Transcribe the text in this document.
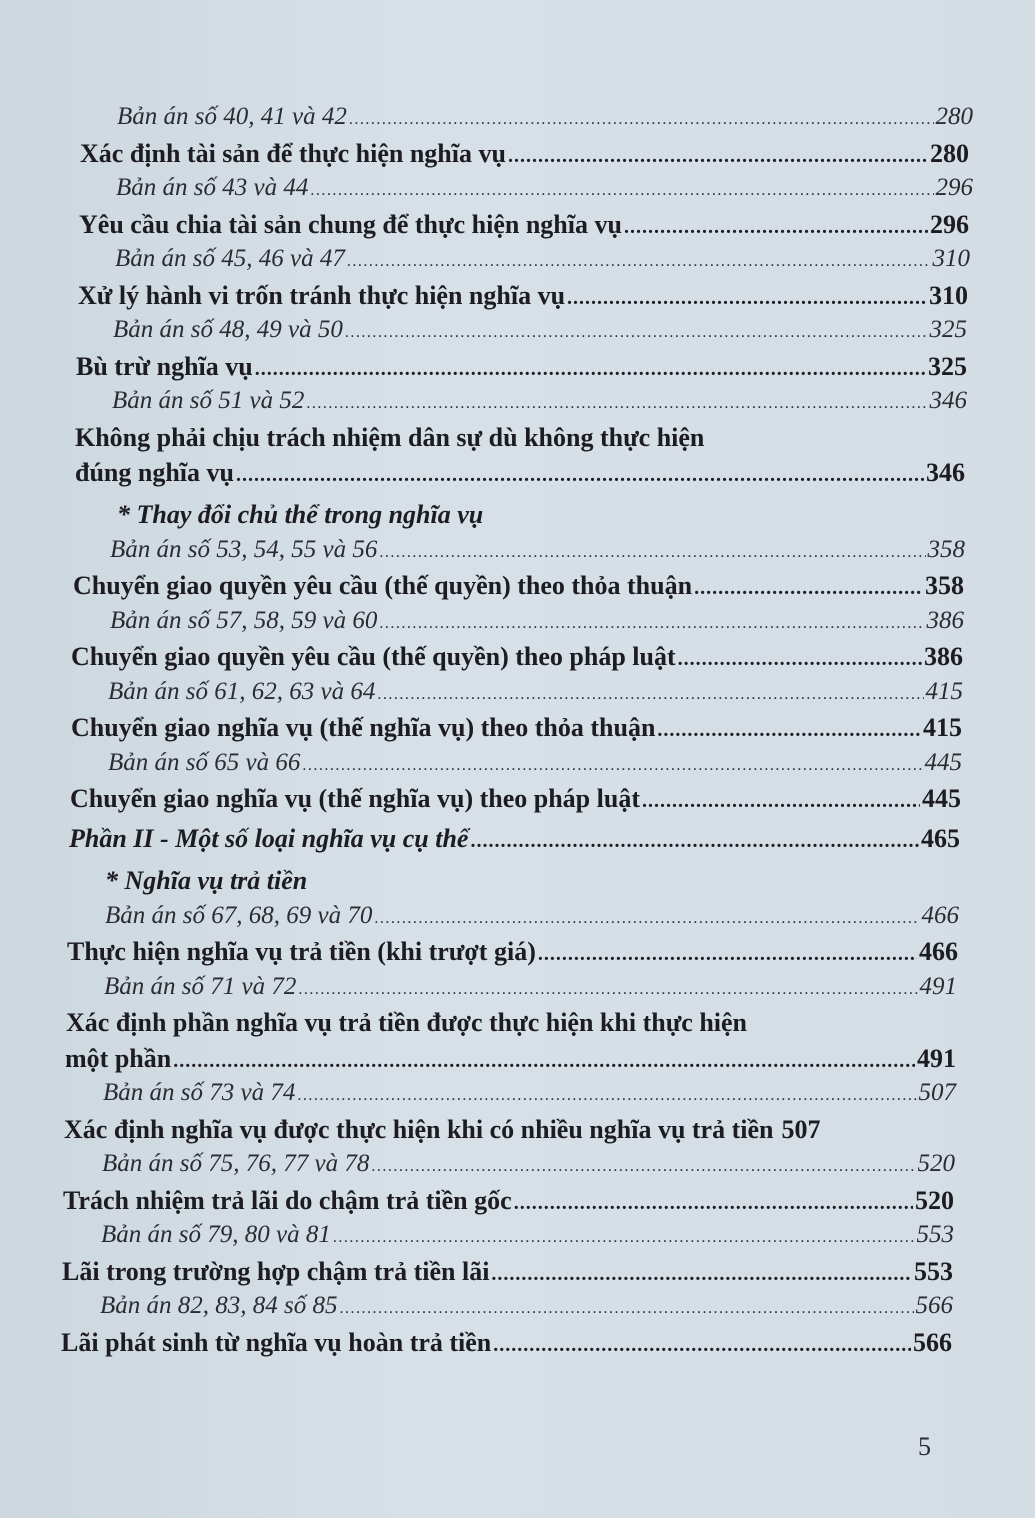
Bản án số 40, 41 và 42 .....	280
Xác định tài sản để thực hiện nghĩa vụ .....	280
Bản án số 43 và 44 .....	296
Yêu cầu chia tài sản chung để thực hiện nghĩa vụ .....	296
Bản án số 45, 46 và 47 .....	310
Xử lý hành vi trốn tránh thực hiện nghĩa vụ .....	310
Bản án số 48, 49 và 50 .....	325
Bù trừ nghĩa vụ .....	325
Bản án số 51 và 52 .....	346
Không phải chịu trách nhiệm dân sự dù không thực hiện
đúng nghĩa vụ .....	346
* Thay đổi chủ thể trong nghĩa vụ
Bản án số 53, 54, 55 và 56 .....	358
Chuyển giao quyền yêu cầu (thế quyền) theo thỏa thuận .....	358
Bản án số 57, 58, 59 và 60 .....	386
Chuyển giao quyền yêu cầu (thế quyền) theo pháp luật .....	386
Bản án số 61, 62, 63 và 64 .....	415
Chuyển giao nghĩa vụ (thế nghĩa vụ) theo thỏa thuận .....	415
Bản án số 65 và 66 .....	445
Chuyển giao nghĩa vụ (thế nghĩa vụ) theo pháp luật .....	445
Phần II - Một số loại nghĩa vụ cụ thể .....	465
* Nghĩa vụ trả tiền
Bản án số 67, 68, 69 và 70 .....	466
Thực hiện nghĩa vụ trả tiền (khi trượt giá) .....	466
Bản án số 71 và 72 .....	491
Xác định phần nghĩa vụ trả tiền được thực hiện khi thực hiện
một phần .....	491
Bản án số 73 và 74 .....	507
Xác định nghĩa vụ được thực hiện khi có nhiều nghĩa vụ trả tiền 507
Bản án số 75, 76, 77 và 78 .....	520
Trách nhiệm trả lãi do chậm trả tiền gốc .....	520
Bản án số 79, 80 và 81 .....	553
Lãi trong trường hợp chậm trả tiền lãi .....	553
Bản án 82, 83, 84 số 85 .....	566
Lãi phát sinh từ nghĩa vụ hoàn trả tiền .....	566
5
